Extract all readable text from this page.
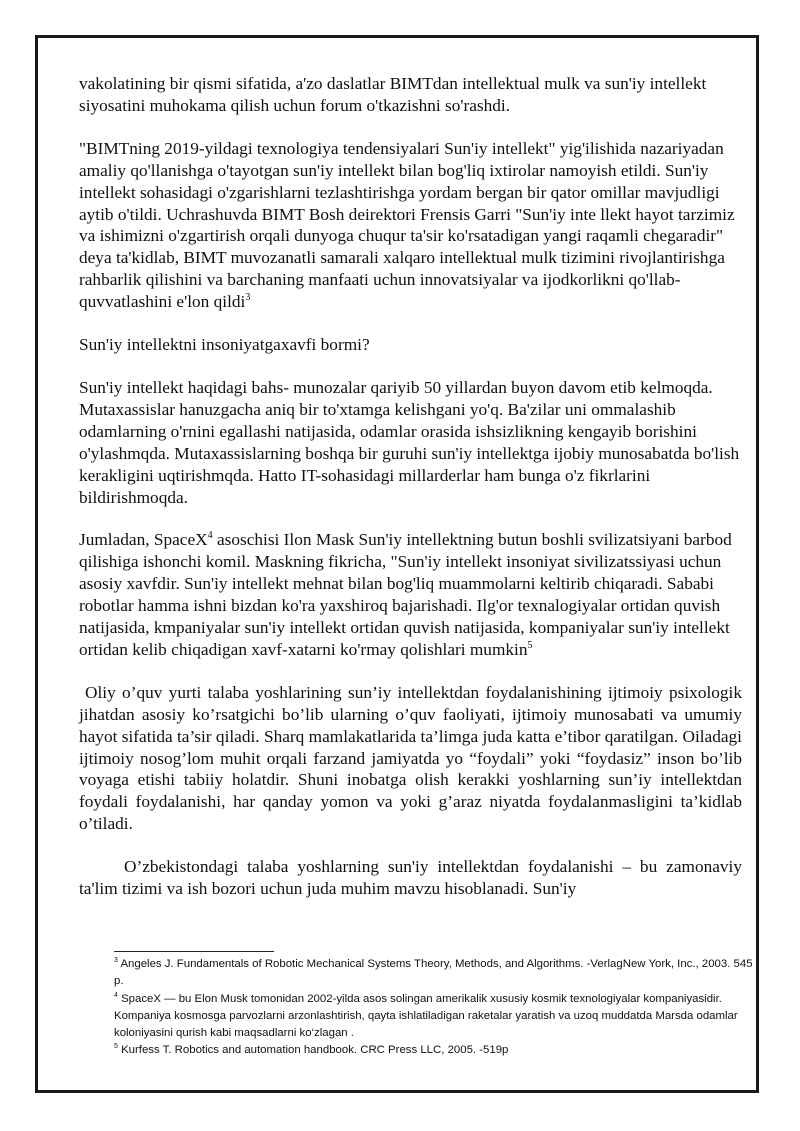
vakolatining bir qismi sifatida, a'zo daslatlar BIMTdan intellektual mulk va sun'iy intellekt siyosatini muhokama qilish uchun forum o'tkazishni so'rashdi.

"BIMTning 2019-yildagi texnologiya tendensiyalari Sun'iy intellekt" yig'ilishida nazariyadan amaliy qo'llanishga o'tayotgan sun'iy intellekt bilan bog'liq ixtirolar namoyish etildi. Sun'iy intellekt sohasidagi o'zgarishlarni tezlashtirishga yordam bergan bir qator omillar mavjudligi aytib o'tildi. Uchrashuvda BIMT Bosh deirektori Frensis Garri "Sun'iy inte llekt hayot tarzimiz va ishimizni o'zgartirish orqali dunyoga chuqur ta'sir ko'rsatadigan yangi raqamli chegaradir" deya ta'kidlab, BIMT muvozanatli samarali xalqaro intellektual mulk tizimini rivojlantirishga rahbarlik qilishini va barchaning manfaati uchun innovatsiyalar va ijodkorlikni qo'llab-quvvatlashini e'lon qildi$^3$

Sun'iy intellektni insoniyatgaxavfi bormi?

Sun'iy intellekt haqidagi bahs- munozalar qariyib 50 yillardan buyon davom etib kelmoqda. Mutaxassislar hanuzgacha aniq bir to'xtamga kelishgani yo'q. Ba'zilar uni ommalashib odamlarning o'rnini egallashi natijasida, odamlar orasida ishsizlikning kengayib borishini o'ylashmqda. Mutaxassislarning boshqa bir guruhi sun'iy intellektga ijobiy munosabatda bo'lish kerakligini uqtirishmqda. Hatto IT-sohasidagi millarderlar ham bunga o'z fikrlarini bildirishmoqda.

Jumladan, SpaceX$^4$ asoschisi Ilon Mask Sun'iy intellektning butun boshli svilizatsiyani barbod qilishiga ishonchi komil. Maskning fikricha, "Sun'iy intellekt insoniyat sivilizatssiyasi uchun asosiy xavfdir. Sun'iy intellekt mehnat bilan bog'liq muammolarni keltirib chiqaradi. Sababi robotlar hamma ishni bizdan ko'ra yaxshiroq bajarishadi. Ilg'or texnalogiyalar ortidan quvish natijasida, kmpaniyalar sun'iy intellekt ortidan quvish natijasida, kompaniyalar sun'iy intellekt ortidan kelib chiqadigan xavf-xatarni ko'rmay qolishlari mumkin$^5$

Oliy o’quv yurti talaba yoshlarining sun’iy intellektdan foydalanishining ijtimoiy psixologik jihatdan asosiy ko’rsatgichi bo’lib ularning o’quv faoliyati, ijtimoiy munosabati va umumiy hayot sifatida ta’sir qiladi. Sharq mamlakatlarida ta’limga juda katta e’tibor qaratilgan. Oiladagi ijtimoiy nosog’lom muhit orqali farzand jamiyatda yo “foydali” yoki “foydasiz” inson bo’lib voyaga etishi tabiiy holatdir. Shuni inobatga olish kerakki yoshlarning sun’iy intellektdan foydali foydalanishi, har qanday yomon va yoki g’araz niyatda foydalanmasligini ta’kidlab o’tiladi.

O’zbekistondagi talaba yoshlarning sun'iy intellektdan foydalanishi – bu zamonaviy ta'lim tizimi va ish bozori uchun juda muhim mavzu hisoblanadi. Sun'iy

$^3$ Angeles J. Fundamentals of Robotic Mechanical Systems Theory, Methods, and Algorithms. -VerlagNew York, Inc., 2003. 545 p.

$^4$ SpaceX — bu Elon Musk tomonidan 2002-yilda asos solingan amerikalik xususiy kosmik texnologiyalar kompaniyasidir. Kompaniya kosmosga parvozlarni arzonlashtirish, qayta ishlatiladigan raketalar yaratish va uzoq muddatda Marsda odamlar koloniyasini qurish kabi maqsadlarni ko‘zlagan .

$^5$ Kurfess T. Robotics and automation handbook. CRC Press LLC, 2005. -519p
